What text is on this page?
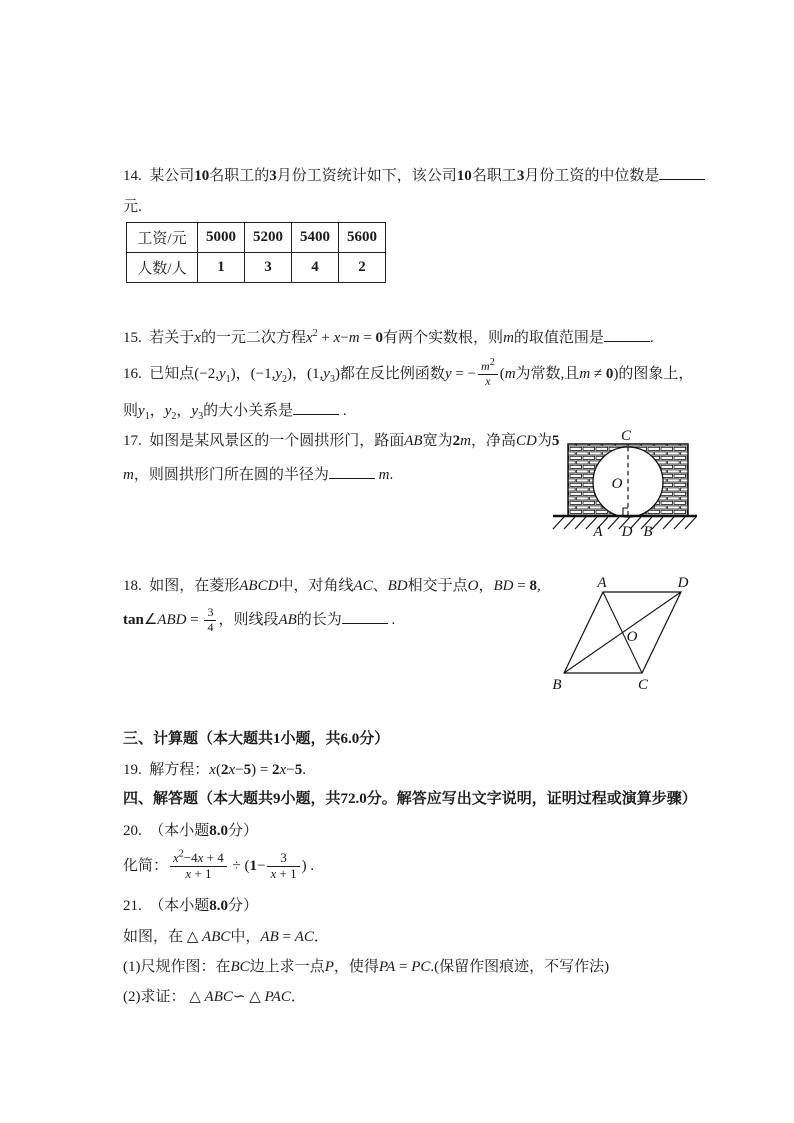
14.  某公司10名职工的3月份工资统计如下，该公司10名职工3月份工资的中位数是
元.
工资/元	5000	5200	5400	5600
人数/人	1	3	4	2
15.  若关于x的一元二次方程$x^2 + x-m = 0$有两个实数根，则m的取值范围是	.
16.  已知点$(-2,y_1)$，$(-1,y_2)$，$(1,y_3)$都在反比例函数y = − $\frac{m^2}{x} (m$为常数,且m ≠ 0)的图象上，
则$y_1$，$y_2$，$y_3$的大小关系是	.
17.  如图是某风景区的一个圆拱形门，路面AB宽为2m，净高CD为5
m，则圆拱形门所在圆的半径为	m.
C
O
A D B
18.  如图，在菱形ABCD中，对角线AC、BD相交于点O，BD = 8,
tan∠ABD = $\frac{3}{4}$ ，则线段AB的长为	.
A	D
B	C
O
三、计算题（本大题共1小题，共6.0分）
19.  解方程：x(2x−5) = 2x−5.
四、解答题（本大题共9小题，共72.0分。解答应写出文字说明，证明过程或演算步骤）
20.  （本小题8.0分）
化简： $\frac{x^2-4x + 4}{x + 1} \div (1- \frac{3}{x + 1}$ ) .
21.  （本小题8.0分）
如图，在 △ ABC中，AB = AC．
(1)尺规作图：在BC边上求一点P，使得PA = PC.(保留作图痕迹，不写作法)
(2)求证： △ ABC∽ △ PAC．
